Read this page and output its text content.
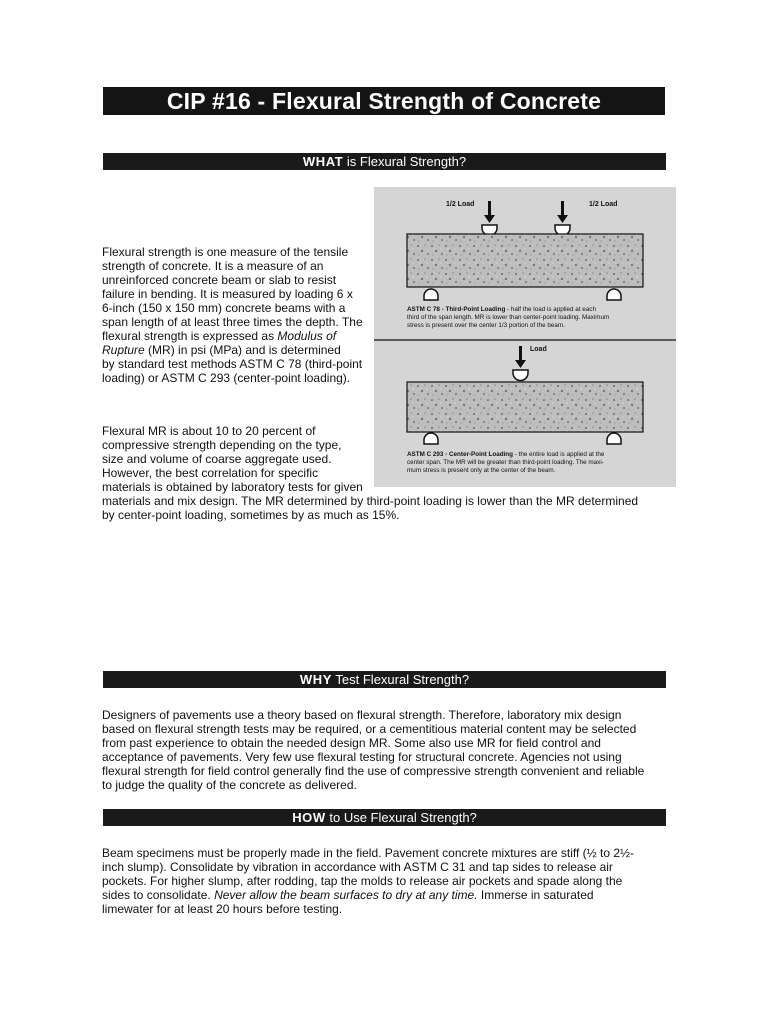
CIP #16 - Flexural Strength of Concrete
WHAT is Flexural Strength?
Flexural strength is one measure of the tensile
strength of concrete. It is a measure of an
unreinforced concrete beam or slab to resist
failure in bending. It is measured by loading 6 x
6-inch (150 x 150 mm) concrete beams with a
span length of at least three times the depth. The
flexural strength is expressed as Modulus of
Rupture (MR) in psi (MPa) and is determined
by standard test methods ASTM C 78 (third-point
loading) or ASTM C 293 (center-point loading).
Flexural MR is about 10 to 20 percent of
compressive strength depending on the type,
size and volume of coarse aggregate used.
However, the best correlation for specific
materials is obtained by laboratory tests for given
materials and mix design. The MR determined by third-point loading is lower than the MR determined
by center-point loading, sometimes by as much as 15%.
1/2 Load	1/2 Load
ASTM C 78 - Third-Point Loading - half the load is applied at each
third of the span length. MR is lower than center-point loading. Maximum
stress is present over the center 1/3 portion of the beam.
Load
ASTM C 293 - Center-Point Loading - the entire load is applied at the
center span. The MR will be greater than third-point loading. The maxi-
mum stress is present only at the center of the beam.
WHY Test Flexural Strength?
Designers of pavements use a theory based on flexural strength. Therefore, laboratory mix design
based on flexural strength tests may be required, or a cementitious material content may be selected
from past experience to obtain the needed design MR. Some also use MR for field control and
acceptance of pavements. Very few use flexural testing for structural concrete. Agencies not using
flexural strength for field control generally find the use of compressive strength convenient and reliable
to judge the quality of the concrete as delivered.
HOW to Use Flexural Strength?
Beam specimens must be properly made in the field. Pavement concrete mixtures are stiff (½ to 2½-
inch slump). Consolidate by vibration in accordance with ASTM C 31 and tap sides to release air
pockets. For higher slump, after rodding, tap the molds to release air pockets and spade along the
sides to consolidate. Never allow the beam surfaces to dry at any time. Immerse in saturated
limewater for at least 20 hours before testing.
